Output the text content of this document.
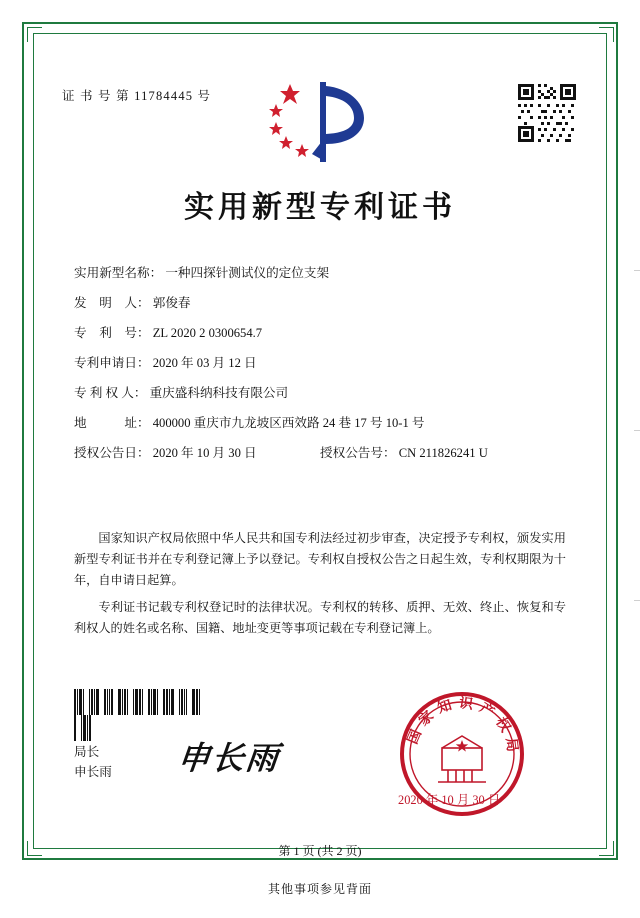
证 书 号 第 11784445 号
实用新型专利证书
实用新型名称： 一种四探针测试仪的定位支架
发　明　人： 郭俊春
专　利　号： ZL 2020 2 0300654.7
专利申请日： 2020 年 03 月 12 日
专 利 权 人： 重庆盛科纳科技有限公司
地　　　址： 400000 重庆市九龙坡区西效路 24 巷 17 号 10-1 号
授权公告日： 2020 年 10 月 30 日	授权公告号： CN 211826241 U

国家知识产权局依照中华人民共和国专利法经过初步审查，决定授予专利权，颁发实用新型专利证书并在专利登记簿上予以登记。专利权自授权公告之日起生效，专利权期限为十年，自申请日起算。

专利证书记载专利权登记时的法律状况。专利权的转移、质押、无效、终止、恢复和专利权人的姓名或名称、国籍、地址变更等事项记载在专利登记簿上。

局长
申长雨 申长雨
国家知识产权局
2020 年 10 月 30 日
第 1 页 (共 2 页)
其他事项参见背面
